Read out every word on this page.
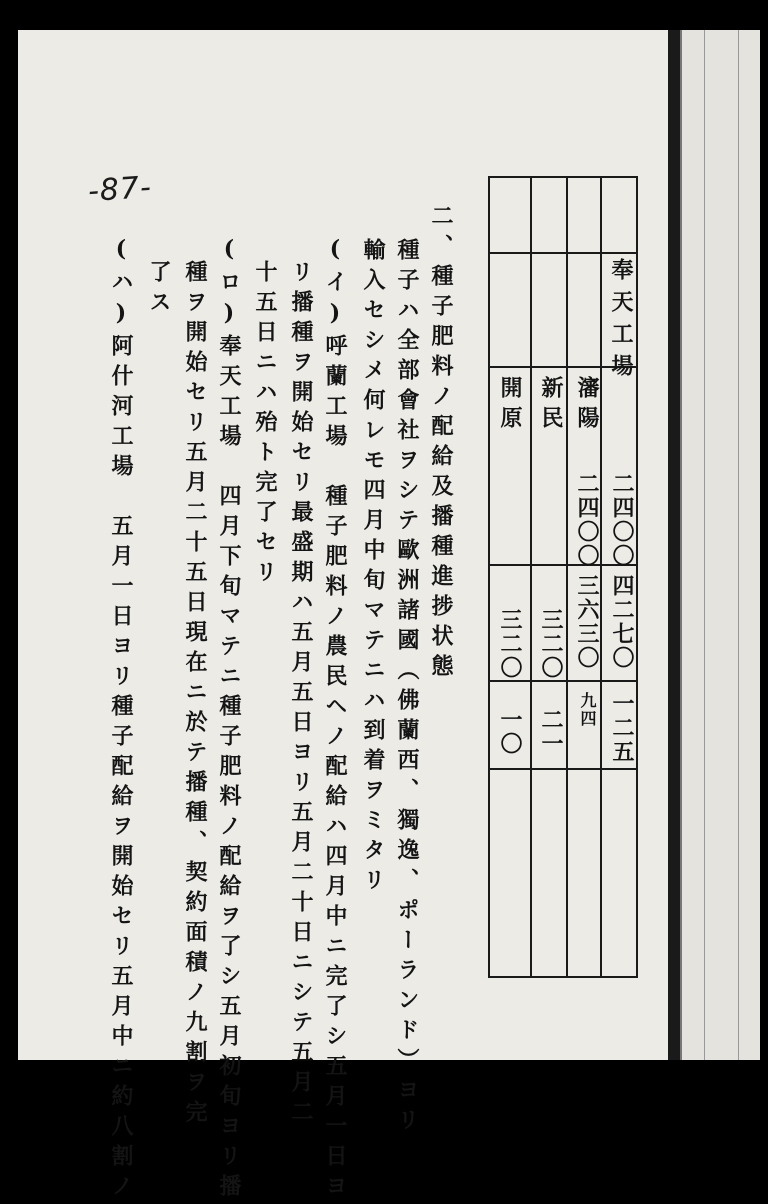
-87-
二、種子肥料ノ配給及播種進捗状態
種子ハ全部會社ヲシテ歐洲諸國（佛蘭西、獨逸、ポーランド）ヨリ
輸入セシメ何レモ四月中旬マテニハ到着ヲミタリ
(イ)呼蘭工場　種子肥料ノ農民ヘノ配給ハ四月中ニ完了シ五月一日ヨ
リ播種ヲ開始セリ最盛期ハ五月五日ヨリ五月二十日ニシテ五月二
十五日ニハ殆ト完了セリ
(ロ)奉天工場　四月下旬マテニ種子肥料ノ配給ヲ了シ五月初旬ヨリ播
種ヲ開始セリ五月二十五日現在ニ於テ播種、契約面積ノ九割ヲ完
了ス
(ハ)阿什河工場　五月一日ヨリ種子配給ヲ開始セリ五月中ニ約八割ノ	奉天工場
二四〇〇
四二七〇
一二五
瀋陽
二四〇〇
三六三〇
九四
新民
三二〇
二一
開原
三二〇
一〇
